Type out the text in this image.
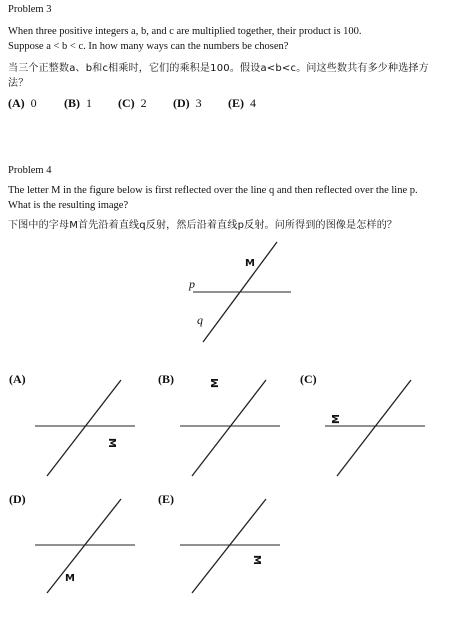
Problem 3
When three positive integers a, b, and c are multiplied together, their product is 100.
Suppose a < b < c. In how many ways can the numbers be chosen?
当三个正整数a、b和c相乘时，它们的乘积是100。假设a<b<c。问这些数共有多少种选择方
法？
(A) 0 (B) 1 (C) 2 (D) 3 (E) 4
Problem 4
The letter M in the figure below is first reflected over the line q and then reflected over the line p.
What is the resulting image?
下图中的字母M首先沿着直线q反射，然后沿着直线p反射。问所得到的图像是怎样的？
M
p
q
(A)
M
(B)	M	(C)
M
(D)
M
(E)
M
